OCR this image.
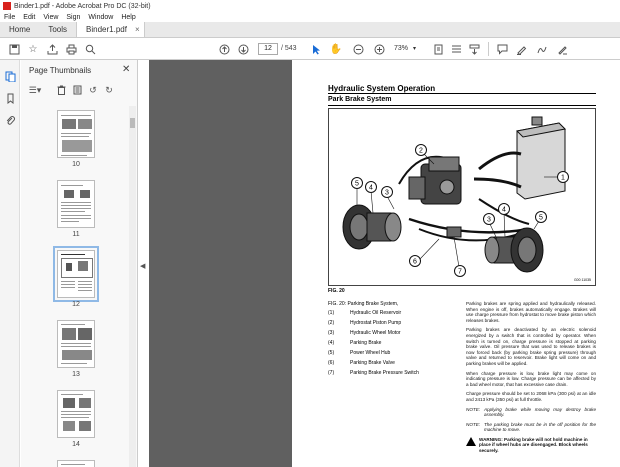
Binder1.pdf - Adobe Acrobat Pro DC (32-bit)
File Edit View Sign Window Help
Home	Tools	Binder1.pdf ×
☆	12	/ 543	✋	73% ▾
Page Thumbnails	✕
☰▾	↺ ↻
10
11
12
13
14
◀
Hydraulic System Operation
Park Brake System
1
2
3
4
5
6
7
3
4
5
G00 11035
FIG. 20
FIG. 20: Parking Brake System,
(1)	Hydraulic Oil Reservoir
(2)	Hydrostat Piston Pump
(3)	Hydraulic Wheel Motor
(4)	Parking Brake
(5)	Power Wheel Hub
(6)	Parking Brake Valve
(7)	Parking Brake Pressure Switch

Parking brakes are spring applied and hydraulically released. When engine is off, brakes automatically engage. Brakes will use charge pressure from hydrostat to move brake piston which releases brakes.

Parking brakes are deactivated by an electric solenoid energized by a switch that is controlled by operator. When switch is turned on, charge pressure is stopped at parking brake valve. Oil pressure that was used to release brakes is now forced back (by parking brake spring pressure) through valve and returned to reservoir. Brake light will come on and parking brakes will be applied.

When charge pressure is low, brake light may come on indicating pressure is low. Charge pressure can be affected by a bad wheel motor, that has excessive case drain.

Charge pressure should be set to 2068 kPa (300 psi) at an idle and 2413 kPa (350 psi) at full throttle.

NOTE: Applying brake while moving may destroy brake assembly.

NOTE: The parking brake must be in the off position for the machine to move.

WARNING: Parking brake will not hold machine in place if wheel hubs are disengaged. Block wheels securely.
